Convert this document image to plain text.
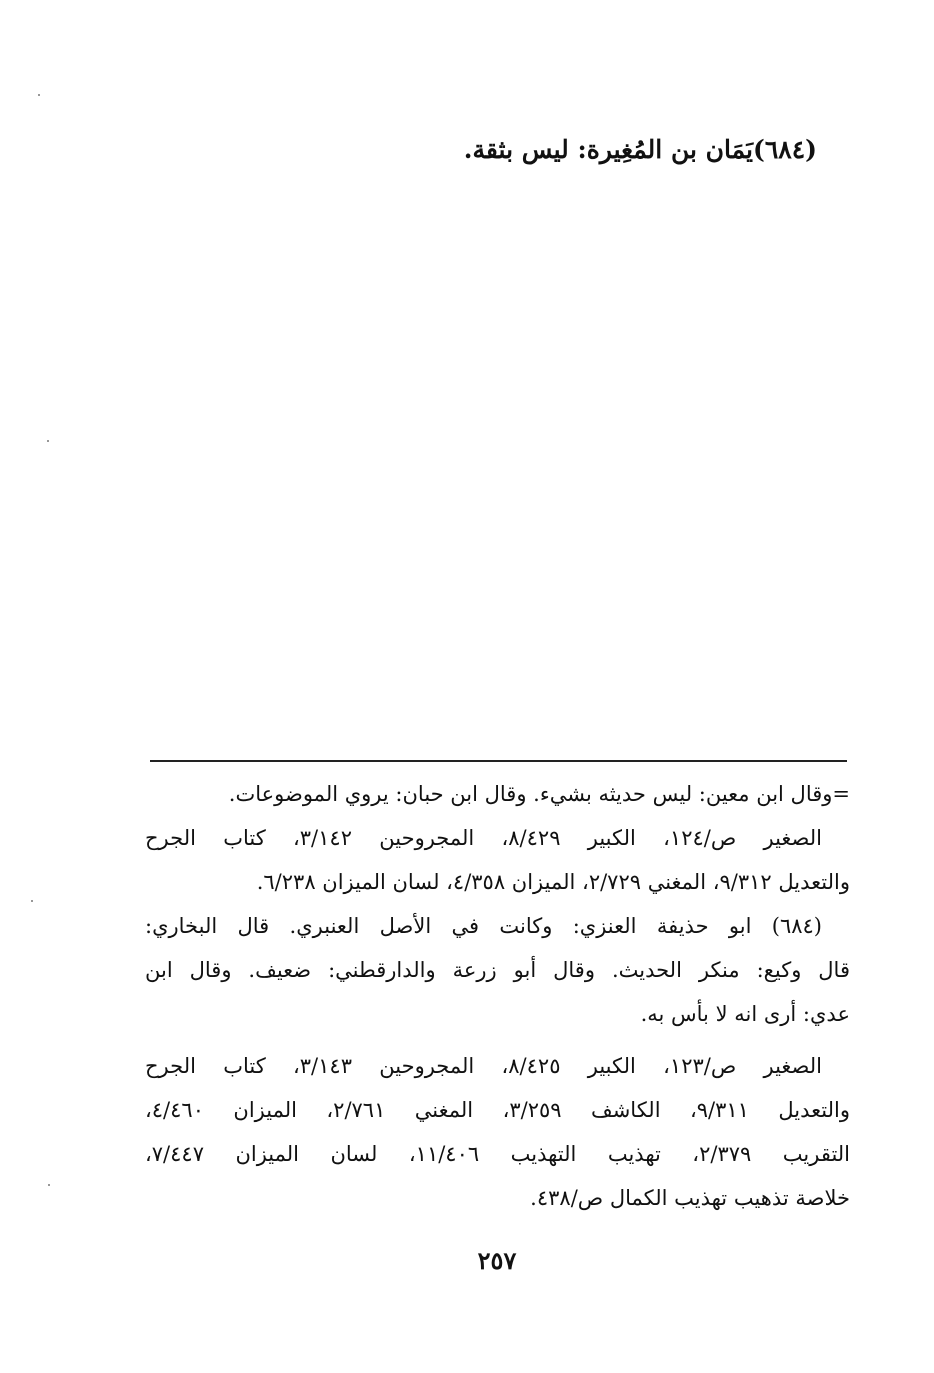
(٦٨٤)يَمَان بن المُغِيرة: ليس بثقة.
=وقال ابن معين: ليس حديثه بشيء. وقال ابن حبان: يروي الموضوعات.
الصغير ص/١٢٤، الكبير ٨/٤٢٩، المجروحين ٣/١٤٢، كتاب الجرح
والتعديل ٩/٣١٢، المغني ٢/٧٢٩، الميزان ٤/٣٥٨، لسان الميزان ٦/٢٣٨.
(٦٨٤) ابو حذيفة العنزي: وكانت في الأصل العنبري. قال البخاري:
قال وكيع: منكر الحديث. وقال أبو زرعة والدارقطني: ضعيف. وقال ابن
عدي: أرى انه لا بأس به.
الصغير ص/١٢٣، الكبير ٨/٤٢٥، المجروحين ٣/١٤٣، كتاب الجرح
والتعديل ٩/٣١١، الكاشف ٣/٢٥٩، المغني ٢/٧٦١، الميزان ٤/٤٦٠،
التقريب ٢/٣٧٩، تهذيب التهذيب ١١/٤٠٦، لسان الميزان ٧/٤٤٧،
خلاصة تذهيب تهذيب الكمال ص/٤٣٨.
٢٥٧
